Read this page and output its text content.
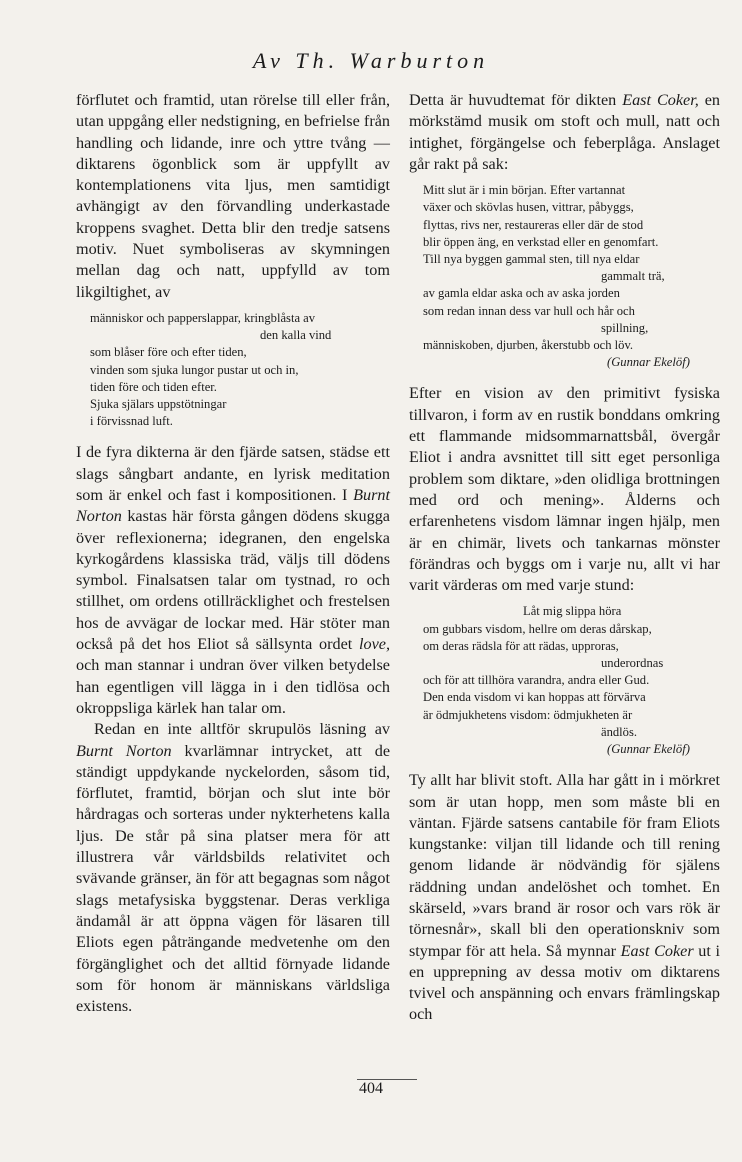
Av Th. Warburton

förflutet och framtid, utan rörelse till eller från, utan uppgång eller nedstigning, en befrielse från handling och lidande, inre och yttre tvång — diktarens ögonblick som är uppfyllt av kontemplationens vita ljus, men samtidigt avhängigt av den förvandling underkastade kroppens svaghet. Detta blir den tredje satsens motiv. Nuet symboliseras av skymningen mellan dag och natt, uppfylld av tom likgiltighet, av

människor och papperslappar, kringblåsta av
den kalla vind
som blåser före och efter tiden,
vinden som sjuka lungor pustar ut och in,
tiden före och tiden efter.
Sjuka själars uppstötningar
i förvissnad luft.

I de fyra dikterna är den fjärde satsen, städse ett slags sångbart andante, en lyrisk meditation som är enkel och fast i kompositionen. I Burnt Norton kastas här första gången dödens skugga över reflexionerna; idegranen, den engelska kyrkogårdens klassiska träd, väljs till dödens symbol. Finalsatsen talar om tystnad, ro och stillhet, om ordens otillräcklighet och frestelsen hos de avvägar de lockar med. Här stöter man också på det hos Eliot så sällsynta ordet love, och man stannar i undran över vilken betydelse han egentligen vill lägga in i den tidlösa och okroppsliga kärlek han talar om.

Redan en inte alltför skrupulös läsning av Burnt Norton kvarlämnar intrycket, att de ständigt uppdykande nyckelorden, såsom tid, förflutet, framtid, början och slut inte bör hårdragas och sorteras under nykterhetens kalla ljus. De står på sina platser mera för att illustrera vår världsbilds relativitet och svävande gränser, än för att begagnas som något slags metafysiska byggstenar. Deras verkliga ändamål är att öppna vägen för läsaren till Eliots egen påträngande medvetenhe om den förgänglighet och det alltid förnyade lidande som för honom är människans världsliga existens.

Detta är huvudtemat för dikten East Coker, en mörkstämd musik om stoft och mull, natt och intighet, förgängelse och feberplåga. Anslaget går rakt på sak:

Mitt slut är i min början. Efter vartannat
växer och skövlas husen, vittrar, påbyggs,
flyttas, rivs ner, restaureras eller där de stod
blir öppen äng, en verkstad eller en genomfart.
Till nya byggen gammal sten, till nya eldar
gammalt trä,
av gamla eldar aska och av aska jorden
som redan innan dess var hull och hår och
spillning,
människoben, djurben, åkerstubb och löv.
(Gunnar Ekelöf)

Efter en vision av den primitivt fysiska tillvaron, i form av en rustik bonddans omkring ett flammande midsommarnattsbål, övergår Eliot i andra avsnittet till sitt eget personliga problem som diktare, »den olidliga brottningen med ord och mening». Ålderns och erfarenhetens visdom lämnar ingen hjälp, men är en chimär, livets och tankarnas mönster förändras och byggs om i varje nu, allt vi har varit värderas om med varje stund:

Låt mig slippa höra
om gubbars visdom, hellre om deras dårskap,
om deras rädsla för att rädas, upproras,
underordnas
och för att tillhöra varandra, andra eller Gud.
Den enda visdom vi kan hoppas att förvärva
är ödmjukhetens visdom: ödmjukheten är
ändlös.
(Gunnar Ekelöf)

Ty allt har blivit stoft. Alla har gått in i mörkret som är utan hopp, men som måste bli en väntan. Fjärde satsens cantabile för fram Eliots kungstanke: viljan till lidande och till rening genom lidande är nödvändig för själens räddning undan andelöshet och tomhet. En skärseld, »vars brand är rosor och vars rök är törnesnår», skall bli den operationskniv som stympar för att hela. Så mynnar East Coker ut i en upprepning av dessa motiv om diktarens tvivel och anspänning och envars främlingskap och

404
